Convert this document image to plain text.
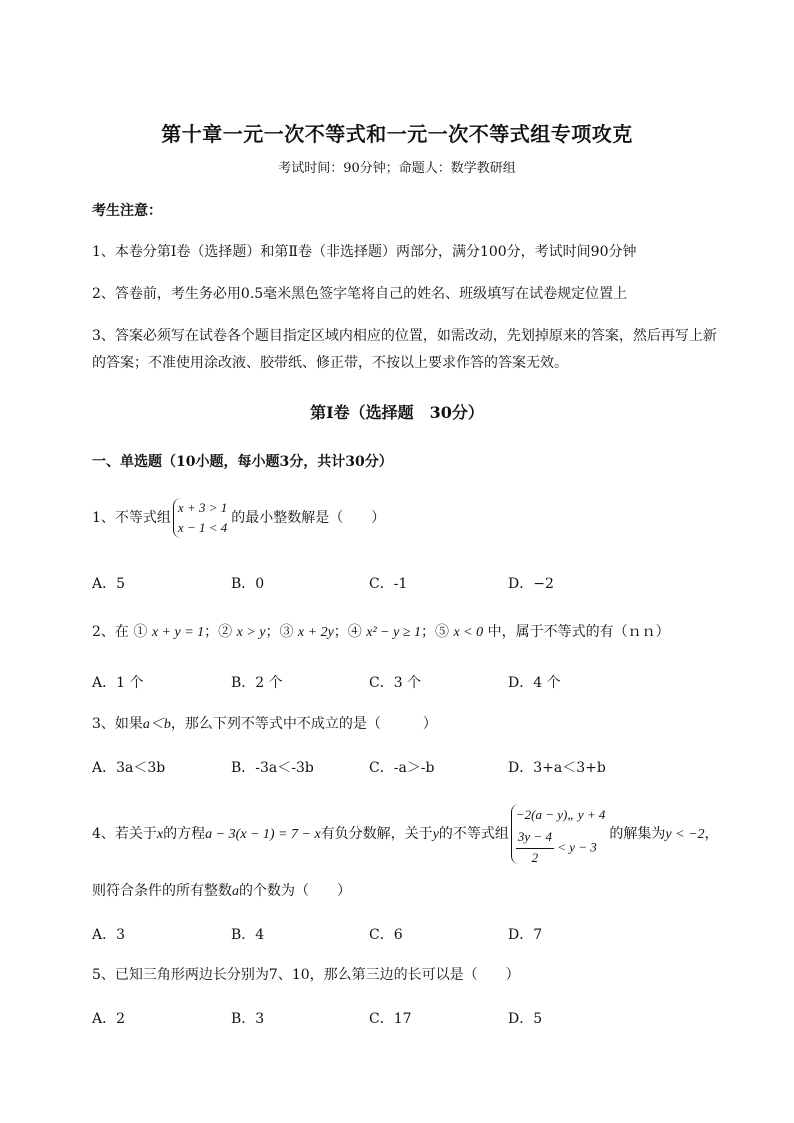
第十章一元一次不等式和一元一次不等式组专项攻克
考试时间：90分钟；命题人：数学教研组
考生注意：
1、本卷分第I卷（选择题）和第Ⅱ卷（非选择题）两部分，满分100分，考试时间90分钟
2、答卷前，考生务必用0.5毫米黑色签字笔将自己的姓名、班级填写在试卷规定位置上
3、答案必须写在试卷各个题目指定区域内相应的位置，如需改动，先划掉原来的答案，然后再写上新
的答案；不准使用涂改液、胶带纸、修正带，不按以上要求作答的答案无效。
第I卷（选择题　30分）
一、单选题（10小题，每小题3分，共计30分）
1、不等式组
x + 3 > 1
x − 1 < 4
的最小整数解是（　　）
A．5	B．0	C．-1	D．−2
2、在 ① x + y = 1；② x > y；③ x + 2y；④ x² − y ≥ 1；⑤ x < 0 中，属于不等式的有（ｎｎ）
A．1 个	B．2 个	C．3 个	D．4 个
3、如果a＜b，那么下列不等式中不成立的是（　　　）
A．3a＜3b	B．-3a＜-3b	C．-a＞-b	D．3+a＜3+b
4、若关于x的方程a − 3(x − 1) = 7 − x有负分数解，关于y的不等式组
−2(a − y)„ y + 4
$\frac{3y - 4}{2} < y - 3$
的解集为y < −2，
则符合条件的所有整数a的个数为（　　）
A．3	B．4	C．6	D．7
5、已知三角形两边长分别为7、10，那么第三边的长可以是（　　）
A．2	B．3	C．17	D．5
